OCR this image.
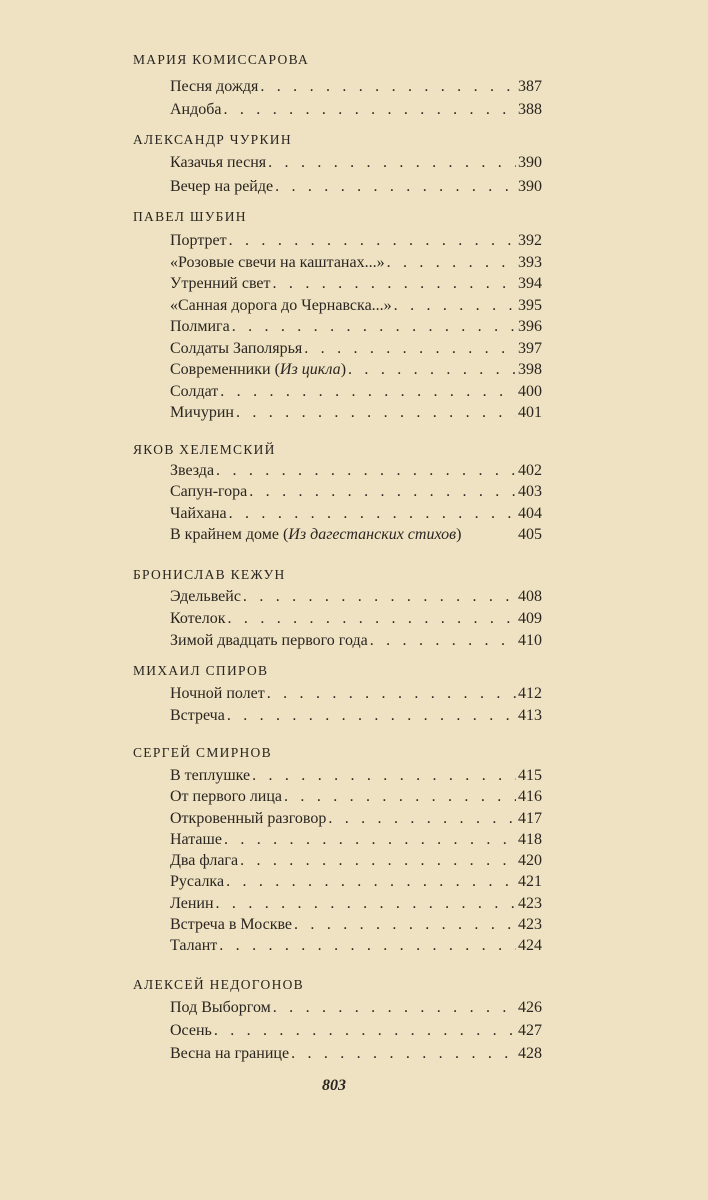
МАРИЯ КОМИССАРОВА
Песня дождя . . .	387
Андоба . . .	388
АЛЕКСАНДР ЧУРКИН
Казачья песня . . .	390
Вечер на рейде . . .	390
ПАВЕЛ ШУБИН
Портрет . . .	392
«Розовые свечи на каштанах...» . . .	393
Утренний свет . . .	394
«Санная дорога до Чернавска...» . . .	395
Полмига . . .	396
Солдаты Заполярья . . .	397
Современники (Из цикла) . . .	398
Солдат . . .	400
Мичурин . . .	401
ЯКОВ ХЕЛЕМСКИЙ
Звезда . . .	402
Сапун-гора . . .	403
Чайхана . . .	404
В крайнем доме (Из дагестанских стихов)	405
БРОНИСЛАВ КЕЖУН
Эдельвейс . . .	408
Котелок . . .	409
Зимой двадцать первого года . . .	410
МИХАИЛ СПИРОВ
Ночной полет . . .	412
Встреча . . .	413
СЕРГЕЙ СМИРНОВ
В теплушке . . .	415
От первого лица . . .	416
Откровенный разговор . . .	417
Наташе . . .	418
Два флага . . .	420
Русалка . . .	421
Ленин . . .	423
Встреча в Москве . . .	423
Талант . . .	424
АЛЕКСЕЙ НЕДОГОНОВ
Под Выборгом . . .	426
Осень . . .	427
Весна на границе . . .	428
803
